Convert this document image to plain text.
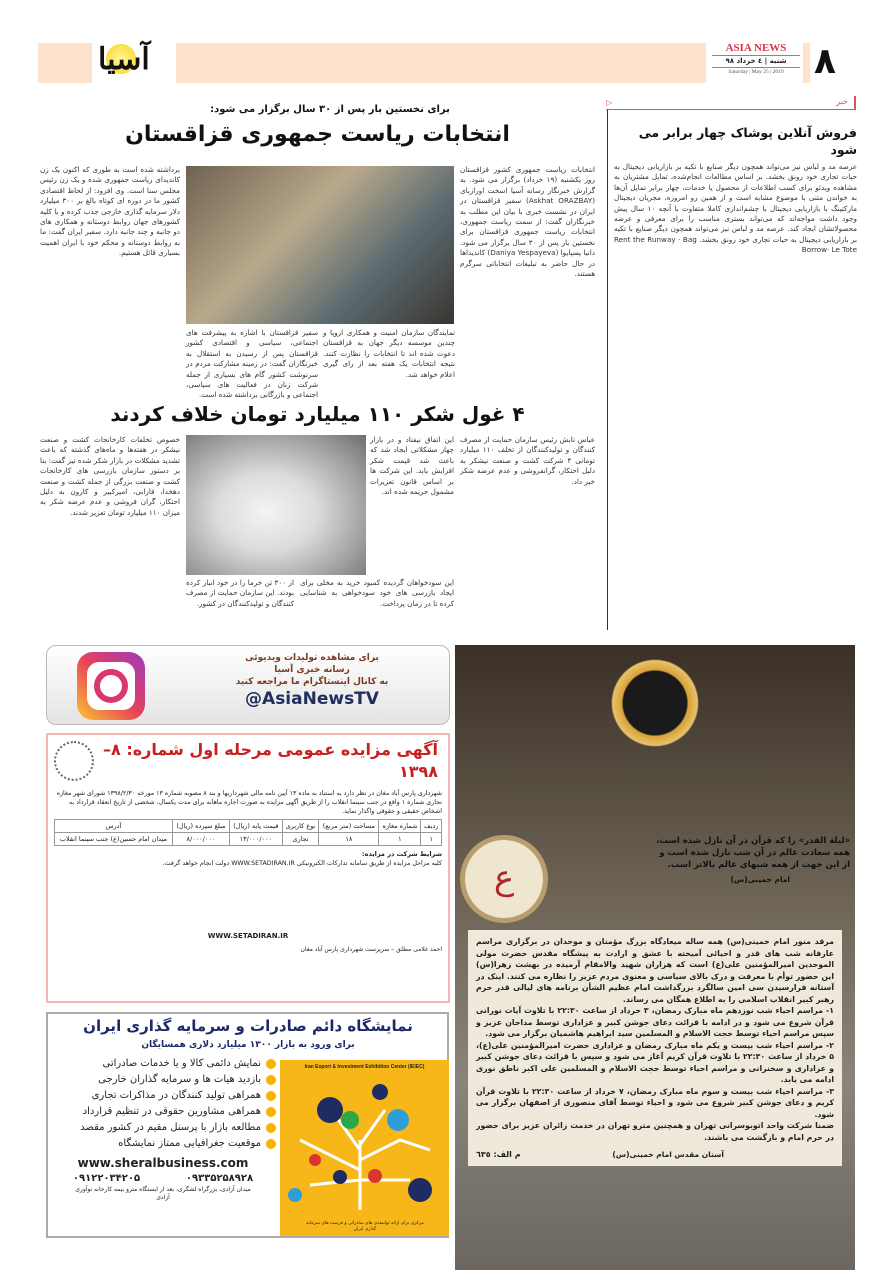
آسیا	ASIA NEWS
شنبه | ٤ خرداد ۹۸
Saturday | May 25 | 2019 ۸
خبر
▷
فروش آنلاین پوشاک چهار برابر می شود
عرصه مد و لباس نیز می‌تواند همچون دیگر صنایع با تکیه بر بازاریابی دیجیتال به حیات تجاری خود رونق بخشد. بر اساس مطالعات انجام‌شده، تمایل مشتریان به مشاهده ویدئو برای کسب اطلاعات از محصول یا خدمات، چهار برابر تمایل آن‌ها به خواندن متنی با موضوع مشابه است و از همین رو امروزه، مجریان دیجیتال مارکتینگ با بازاریابی دیجیتال با چشم‌اندازی کاملا متفاوت با آنچه ۱۰ سال پیش وجود داشت مواجه‌اند که می‌تواند بستری مناسب را برای معرفی و عرضه محصولاتشان ایجاد کند. عرصه مد و لباس نیز می‌تواند همچون دیگر صنایع با تکیه بر بازاریابی دیجیتال به حیات تجاری خود رونق بخشد. Rent the Runway · Bag Borrow· Le Tote
برای نخستین بار پس از ۳۰ سال برگزار می شود:
انتخابات ریاست جمهوری قزاقستان
انتخابات ریاست جمهوری کشور قزاقستان روز یکشنبه (۱۹ خرداد) برگزار می شود. به گزارش خبرنگار رسانه آسیا اسخت اورازبای (Askhat ORAZBAY) سفیر قزاقستان در ایران در نشست خبری با بیان این مطلب به خبرنگاران گفت: از سمت ریاست جمهوری، انتخابات ریاست جمهوری قزاقستان برای نخستین بار پس از ۳۰ سال برگزار می شود. دانیا یسپایوا (Daniya Yespayeva) کاندیداها در حال حاضر به تبلیغات انتخاباتی سرگرم هستند.
نمایندگان سازمان امنیت و همکاری اروپا و چندین موسسه دیگر جهان به قزاقستان دعوت شده اند تا انتخابات را نظارت کنند. نتیجه انتخابات یک هفته بعد از رای گیری اعلام خواهد شد.
سفیر قزاقستان با اشاره به پیشرفت های اجتماعی، سیاسی و اقتصادی کشور قزاقستان پس از رسیدن به استقلال به خبرنگاران گفت: در زمینه مشارکت مردم در سرنوشت کشور گام های بسیاری از جمله شرکت زنان در فعالیت های سیاسی، اجتماعی و بازرگانی برداشته شده است.
برداشته شده است به طوری که اکنون یک زن کاندیدای ریاست جمهوری شده و یک زن رئیس مجلس سنا است. وی افزود: از لحاظ اقتصادی کشور ما در دوره ای کوتاه بالغ بر ۳۰۰ میلیارد دلار سرمایه گذاری خارجی جذب کرده و با کلیه کشورهای جهان روابط دوستانه و همکاری های دو جانبه و چند جانبه دارد. سفیر ایران گفت: ما به روابط دوستانه و محکم خود با ایران اهمیت بسیاری قائل هستیم.
۴ غول شکر ۱۱۰ میلیارد تومان خلاف کردند
عباس تابش رئیس سازمان حمایت از مصرف کنندگان و تولیدکنندگان از تخلف ۱۱۰ میلیارد تومانی ۴ شرکت کشت و صنعت نیشکر به دلیل احتکار، گرانفروشی و عدم عرضه شکر خبر داد.
این اتفاق نیفتاد و در بازار چهار مشکلاتی ایجاد شد که باعث شد قیمت شکر افزایش یابد. این شرکت ها بر اساس قانون تعزیرات مشمول جریمه شده اند.
این سودخواهان گردیده کمبود خرید به مخلی برای ایجاد بازرسی های خود سودخواهی به شناسایی کرده تا در زمان پرداخت.
از ۳۰۰ تن خرما را در خود انبار کرده بودند. این سازمان حمایت از مصرف کنندگان و تولیدکنندگان در کشور.
خصوص تخلفات کارخانجات کشت و صنعت نیشکر در هفته‌ها و ماه‌های گذشته که باعث تشدید مشکلات در بازار شکر شده نیز گفت: بنا بر دستور سازمان بازرسی های کارخانجات کشت و صنعت بزرگی از جمله کشت و صنعت دهخدا، فارابی، امیرکبیر و کارون به دلیل احتکار، گران فروشی و عدم عرضه شکر به میزان ۱۱۰ میلیارد تومان تعزیر شدند.
برای مشاهده تولیدات ویدیوئی
رسانه خبری آسیا
به کانال اینستاگرام ما مراجعه کنید
@AsiaNewsTV
آگهی مزایده عمومی مرحله اول شماره: ۸–۱۳۹۸
شهرداری پارس آباد مغان در نظر دارد به استناد به ماده ۱۳ آیین نامه مالی شهرداریها و بند ۸ مصوبه شماره ۱۳ مورخه ۱۳۹۸/۲/۳۰ شورای شهر مغازه تجاری شماره ۱ واقع در جنب سینما انقلاب را از طریق آگهی مزایده به صورت اجاره ماهانه برای مدت یکسال، شخصی از تاریخ انعقاد قرارداد به اشخاص حقیقی و حقوقی واگذار نماید.
ردیف	شماره مغازه	مساحت (متر مربع)	نوع کاربری	قیمت پایه (ریال)	مبلغ سپرده (ریال)	آدرس
۱	۱	۱۸	تجاری	۱۳/۰۰۰/۰۰۰	۸/۰۰۰/۰۰۰	میدان امام حسین(ع) جنب سینما انقلاب
شرایط شرکت در مزایده:
کلیه مراحل مزایده از طریق سامانه تدارکات الکترونیکی WWW.SETADIRAN.IR دولت انجام خواهد گرفت.
WWW.SETADIRAN.IR
احمد غلامی مطلق – سرپرست شهرداری پارس آباد مغان
نمایشگاه دائم صادرات و سرمایه گذاری ایران
برای ورود به بازار ۱۳۰۰ میلیارد دلاری همسایگان
نمایش دائمی کالا و یا خدمات صادراتی
بازدید هیات ها و سرمایه گذاران خارجی
همراهی تولید کنندگان در مذاکرات تجاری
همراهی مشاورین حقوقی در تنظیم قرارداد
مطالعه بازار با پرسنل مقیم در کشور مقصد
موقعیت جغرافیایی ممتاز نمایشگاه
www.sheralbusiness.com
۰۹۱۲۲۰۳۴۲۰۵	۰۹۳۳۵۲۵۸۹۲۸
میدان آزادی، بزرگراه لشگری، بعد از ایستگاه مترو بیمه کارخانه نوآوری آزادی
Iran Export & Investment Exhibition Center (IEIEC)
مرکزی برای ارائه توانمندی های صادراتی و فرصت های سرمایه گذاری ایران
ع
«لیلة القدر» را که قرآن در آن نازل شده است، همه سعادت عالم در آن شب نازل شده است و از این جهت از همه شبهای عالم بالاتر است.
امام خمینی(س)
مرقد منور امام خمینی(س) همه ساله میعادگاه بزرگ مؤمنان و موحدان در برگزاری مراسم عارفانه شب های قدر و احیائی آمیخته با عشق و ارادت به پیشگاه مقدس حضرت مولی الموحدین امیرالمؤمنین علی(ع) است که هزاران شهید والامقام آرمیده در بهشت زهرا(س) این حضور توأم با معرفت و درک بالای سیاسی و معنوی مردم عزیز را نظاره می کنند. اینک در آستانه فرارسیدن سی امین سالگرد بزرگداشت امام عظیم الشأن برنامه های لیالی قدر حرم رهبر کبیر انقلاب اسلامی را به اطلاع همگان می رساند.
۱- مراسم احیاء شب نوزدهم ماه مبارک رمضان، ۳ خرداد از ساعت ۲۲:۳۰ با تلاوت آیات نورانی قرآن شروع می شود و در ادامه با قرائت دعای جوشن کبیر و عزاداری توسط مداحان عزیز و سپس مراسم احیاء توسط حجت الاسلام و المسلمین سید ابراهیم هاشمیان برگزار می شود.
۲- مراسم احیاء شب بیست و یکم ماه مبارک رمضان و عزاداری حضرت امیرالمؤمنین علی(ع)، ۵ خرداد از ساعت ۲۲:۳۰ با تلاوت قرآن کریم آغاز می شود و سپس با قرائت دعای جوشن کبیر و عزاداری و سخنرانی و مراسم احیاء توسط حجت الاسلام و المسلمین علی اکبر ناطق نوری ادامه می یابد.
۳- مراسم احیاء شب بیست و سوم ماه مبارک رمضان، ۷ خرداد از ساعت ۲۲:۳۰ با تلاوت قرآن کریم و دعای جوشن کبیر شروع می شود و احیاء توسط آقای منصوری از اصفهان برگزار می شود.
ضمنا شرکت واحد اتوبوسرانی تهران و همچنین مترو تهران در خدمت زائران عزیز برای حضور در حرم امام و بازگشت می باشند.
آستان مقدس امام خمینی(س)
م الف: ٦٣٥
